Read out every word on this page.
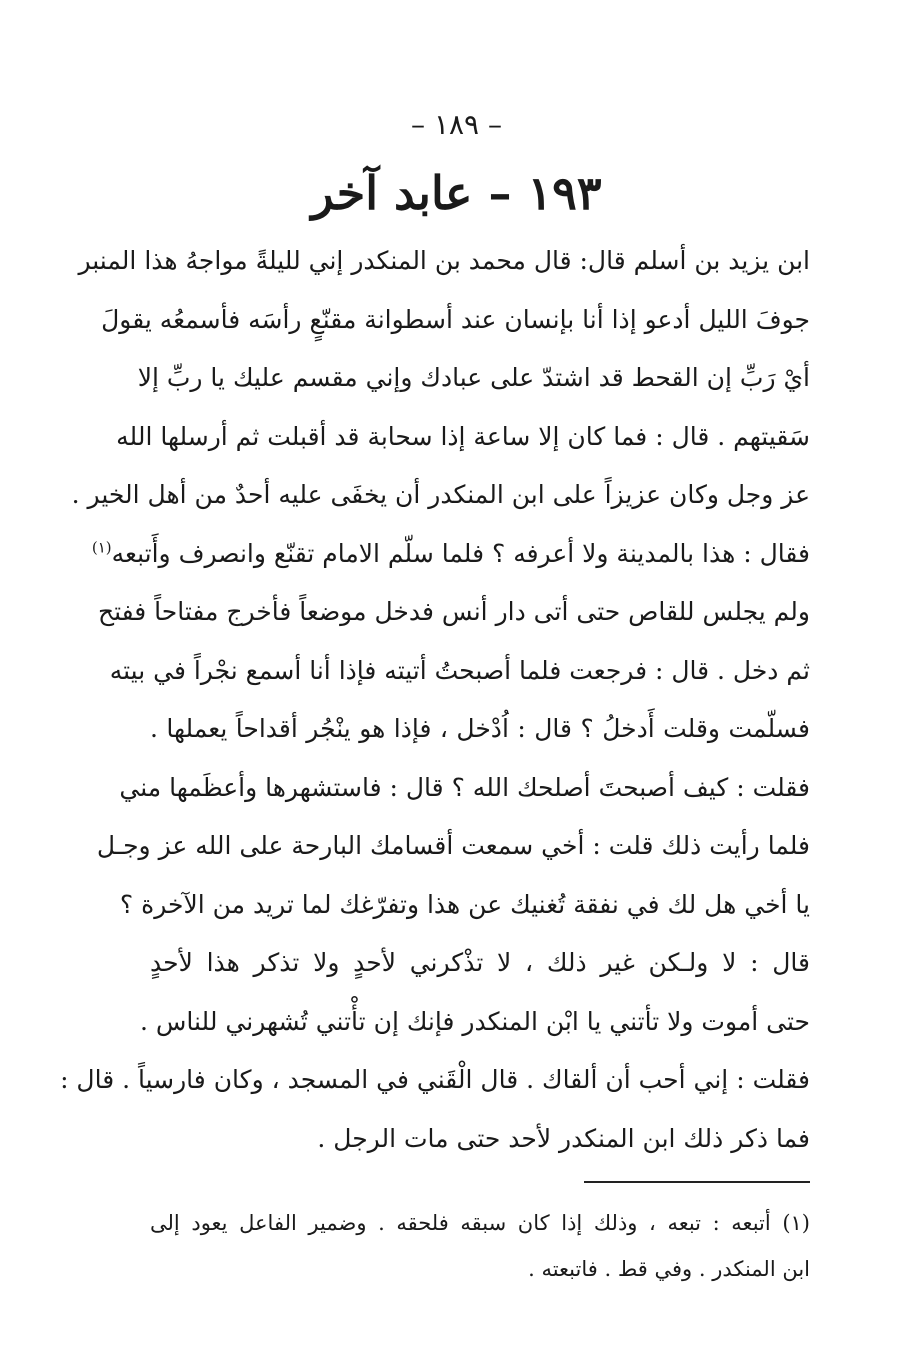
– ١٨٩ –
١٩٣ – عابد آخر
ابن يزيد بن أسلم قال: قال محمد بن المنكدر إني لليلةً مواجهُ هذا المنبر
جوفَ الليل أدعو إذا أنا بإنسان عند أسطوانة مقنّعٍ رأسَه فأسمعُه يقولَ
أيْ رَبِّ إن القحط قد اشتدّ على عبادك وإني مقسم عليك يا ربِّ إلا
سَقيتهم . قال : فما كان إلا ساعة إذا سحابة قد أقبلت ثم أرسلها الله
عز وجل وكان عزيزاً على ابن المنكدر أن يخفَى عليه أحدٌ من أهل الخير .
فقال : هذا بالمدينة ولا أعرفه ؟ فلما سلّم الامام تقنّع وانصرف وأَتبعه$^{(١)}$
ولم يجلس للقاص حتى أتى دار أنس فدخل موضعاً فأخرج مفتاحاً ففتح
ثم دخل . قال : فرجعت فلما أصبحتُ أتيته فإذا أنا أسمع نجْراً في بيته
فسلّمت وقلت أَدخلُ ؟ قال : اُدْخل ، فإذا هو ينْجُر أقداحاً يعملها .
فقلت : كيف أصبحتَ أصلحك الله ؟ قال : فاستشهرها وأعظَمها مني
فلما رأيت ذلك قلت : أخي سمعت أقسامك البارحة على الله عز وجـل
يا أخي هل لك في نفقة تُغنيك عن هذا وتفرّغك لما تريد من الآخرة ؟
قال : لا ولـكن غير ذلك ، لا تذْكرني لأحدٍ ولا تذكر هذا لأحدٍ
حتى أموت ولا تأتني يا ابْن المنكدر فإنك إن تأْتني تُشهرني للناس .
فقلت : إني أحب أن ألقاك . قال الْقَني في المسجد ، وكان فارسياً . قال :
فما ذكر ذلك ابن المنكدر لأحد حتى مات الرجل .
(١) أتبعه : تبعه ، وذلك إذا كان سبقه فلحقه . وضمير الفاعل يعود إلى
ابن المنكدر . وفي قط . فاتبعته .
